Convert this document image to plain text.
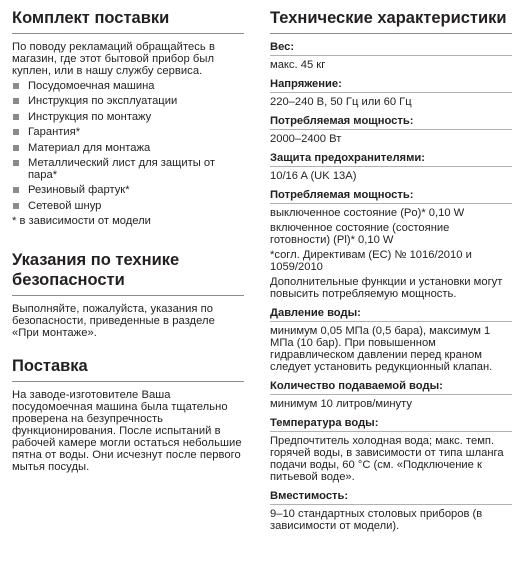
Комплект поставки
По поводу рекламаций обращайтесь в магазин, где этот бытовой прибор был куплен, или в нашу службу сервиса.
Посудомоечная машина
Инструкция по эксплуатации
Инструкция по монтажу
Гарантия*
Материал для монтажа
Металлический лист для защиты от пара*
Резиновый фартук*
Сетевой шнур
* в зависимости от модели
Указания по технике безопасности
Выполняйте, пожалуйста, указания по безопасности, приведенные в разделе «При монтаже».
Поставка
На заводе-изготовителе Ваша посудомоечная машина была тщательно проверена на безупречность функционирования. После испытаний в рабочей камере могли остаться небольшие пятна от воды. Они исчезнут после первого мытья посуды.
Технические характеристики
Вес:
макс. 45 кг
Напряжение:
220–240 В, 50 Гц или 60 Гц
Потребляемая мощность:
2000–2400 Вт
Защита предохранителями:
10/16 A (UK 13A)
Потребляемая мощность:
выключенное состояние (Po)* 0,10 W
включенное состояние (состояние готовности) (Pl)* 0,10 W
*согл. Директивам (ЕС) № 1016/2010 и 1059/2010
Дополнительные функции и установки могут повысить потребляемую мощность.
Давление воды:
минимум 0,05 МПа (0,5 бара), максимум 1 МПа (10 бар). При повышенном гидравлическом давлении перед краном следует установить редукционный клапан.
Количество подаваемой воды:
минимум 10 литров/минуту
Температура воды:
Предпочтитель холодная вода; макс. темп. горячей воды, в зависимости от типа шланга подачи воды, 60 °C (см. «Подключение к питьевой воде».
Вместимость:
9–10 стандартных столовых приборов (в зависимости от модели).
